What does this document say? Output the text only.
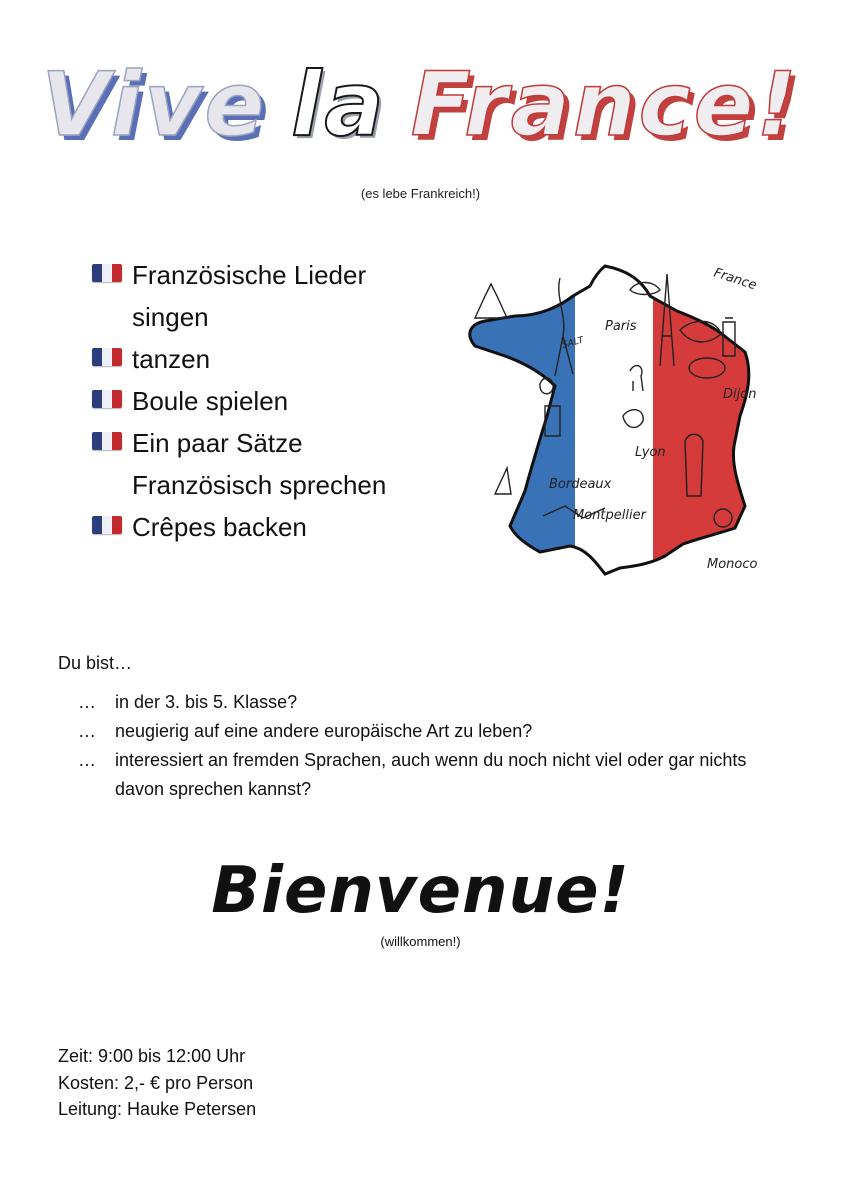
Vive la France!
(es lebe Frankreich!)
Französische Lieder singen
tanzen
Boule spielen
Ein paar Sätze Französisch sprechen
Crêpes backen
France
Paris
Dijon
Lyon
Bordeaux
Montpellier
Monoco
SALT
Du bist…
… in der 3. bis 5. Klasse?
… neugierig auf eine andere europäische Art zu leben?
… interessiert an fremden Sprachen, auch wenn du noch nicht viel oder gar nichts davon sprechen kannst?
Bienvenue!
(willkommen!)
Zeit: 9:00 bis 12:00 Uhr
Kosten: 2,- € pro Person
Leitung: Hauke Petersen
